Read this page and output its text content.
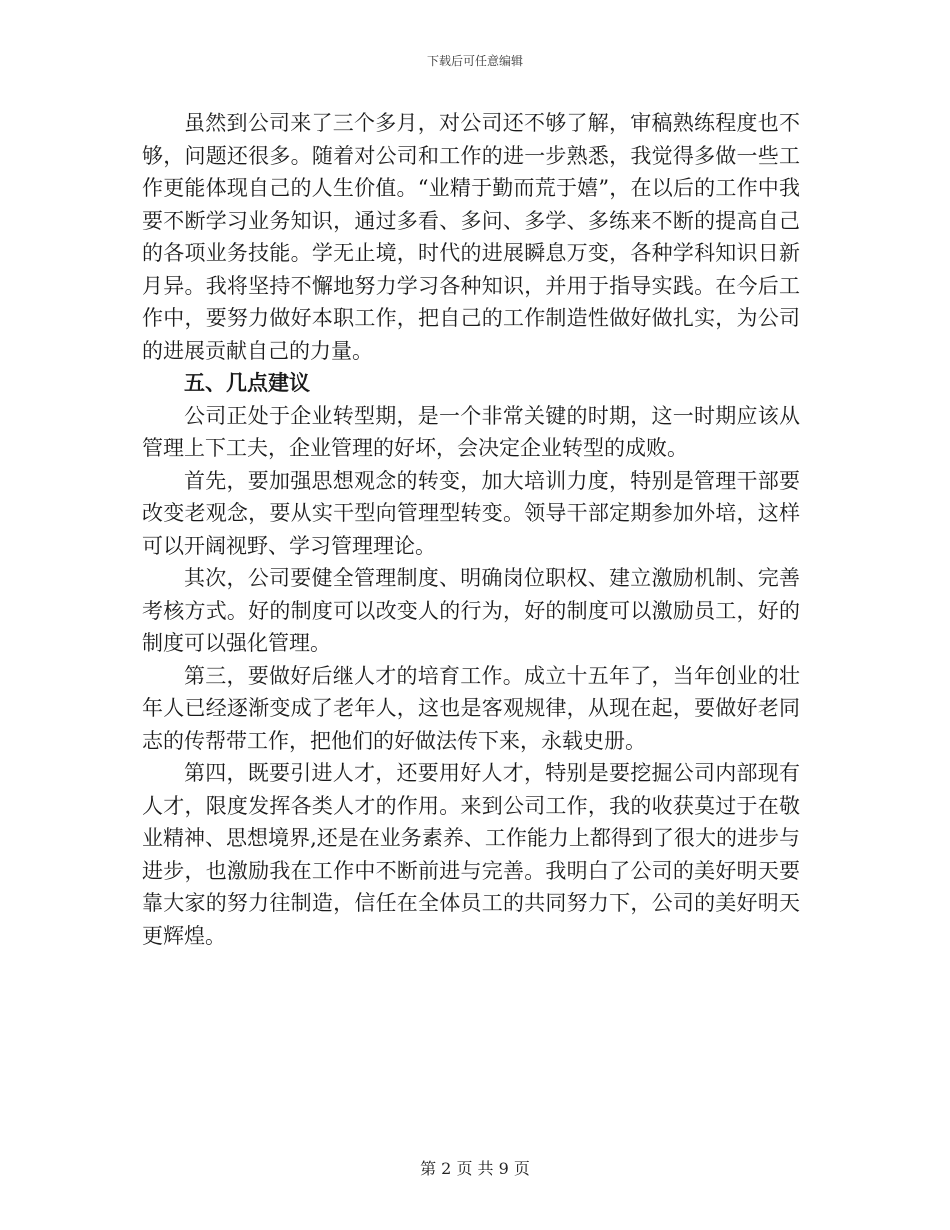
下载后可任意编辑

虽然到公司来了三个多月，对公司还不够了解，审稿熟练程度也不够，问题还很多。随着对公司和工作的进一步熟悉，我觉得多做一些工作更能体现自己的人生价值。“业精于勤而荒于嬉”，在以后的工作中我要不断学习业务知识，通过多看、多问、多学、多练来不断的提高自己的各项业务技能。学无止境，时代的进展瞬息万变，各种学科知识日新月异。我将坚持不懈地努力学习各种知识，并用于指导实践。在今后工作中，要努力做好本职工作，把自己的工作制造性做好做扎实，为公司的进展贡献自己的力量。

五、几点建议

公司正处于企业转型期，是一个非常关键的时期，这一时期应该从管理上下工夫，企业管理的好坏，会决定企业转型的成败。

首先，要加强思想观念的转变，加大培训力度，特别是管理干部要改变老观念，要从实干型向管理型转变。领导干部定期参加外培，这样可以开阔视野、学习管理理论。

其次，公司要健全管理制度、明确岗位职权、建立激励机制、完善考核方式。好的制度可以改变人的行为，好的制度可以激励员工，好的制度可以强化管理。

第三，要做好后继人才的培育工作。成立十五年了，当年创业的壮年人已经逐渐变成了老年人，这也是客观规律，从现在起，要做好老同志的传帮带工作，把他们的好做法传下来，永载史册。

第四，既要引进人才，还要用好人才，特别是要挖掘公司内部现有人才，限度发挥各类人才的作用。来到公司工作，我的收获莫过于在敬业精神、思想境界,还是在业务素养、工作能力上都得到了很大的进步与进步，也激励我在工作中不断前进与完善。我明白了公司的美好明天要靠大家的努力往制造，信任在全体员工的共同努力下，公司的美好明天更辉煌。

第 2 页 共 9 页
